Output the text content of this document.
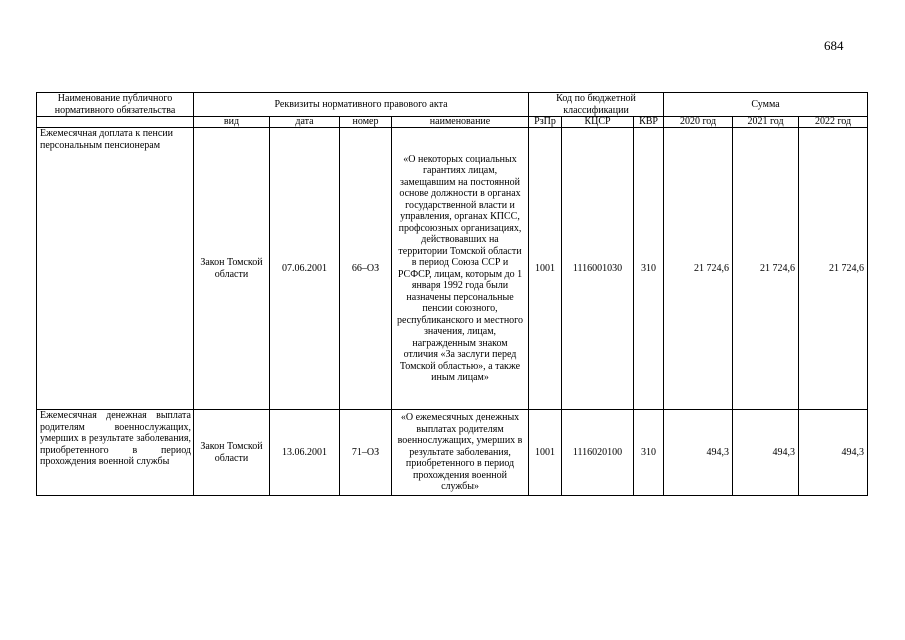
684
Наименование публичного нормативного обязательства	Реквизиты нормативного правового акта				Код по бюджетной классификации			Сумма		
	вид	дата	номер	наименование	РзПр	КЦСР	КВР	2020 год	2021 год	2022 год
Ежемесячная доплата к пенсии персональным пенсионерам	Закон Томской области	07.06.2001	66–ОЗ	«О некоторых социальных гарантиях лицам, замещавшим на постоянной основе должности в органах государственной власти и управления, органах КПСС, профсоюзных организациях, действовавших на территории Томской области в период Союза ССР и РСФСР, лицам, которым до 1 января 1992 года были назначены персональные пенсии союзного, республиканского и местного значения, лицам, награжденным знаком отличия «За заслуги перед Томской областью», а также иным лицам»	1001	1116001030	310	21 724,6	21 724,6	21 724,6
Ежемесячная денежная выплата родителям военнослужащих, умерших в результате заболевания, приобретенного в период прохождения военной службы	Закон Томской области	13.06.2001	71–ОЗ	«О ежемесячных денежных выплатах родителям военнослужащих, умерших в результате заболевания, приобретенного в период прохождения военной службы»	1001	1116020100	310	494,3	494,3	494,3
